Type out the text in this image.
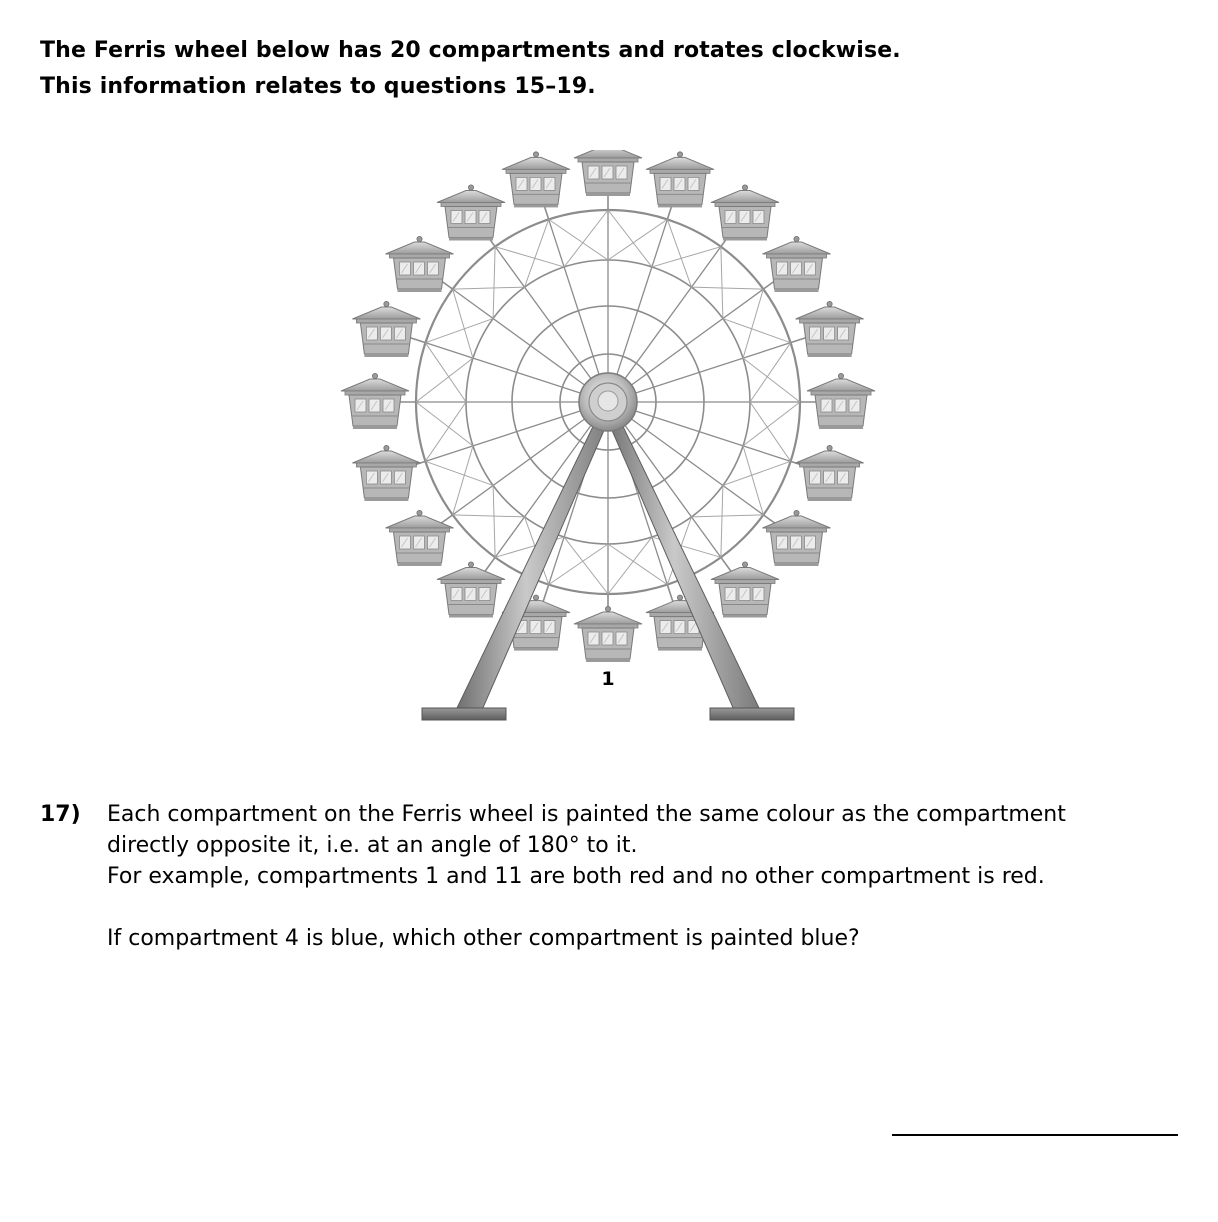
The Ferris wheel below has 20 compartments and rotates clockwise.
This information relates to questions 15–19.
1
17) Each compartment on the Ferris wheel is painted the same colour as the compartment
directly opposite it, i.e. at an angle of 180° to it.
For example, compartments 1 and 11 are both red and no other compartment is red.
If compartment 4 is blue, which other compartment is painted blue?
